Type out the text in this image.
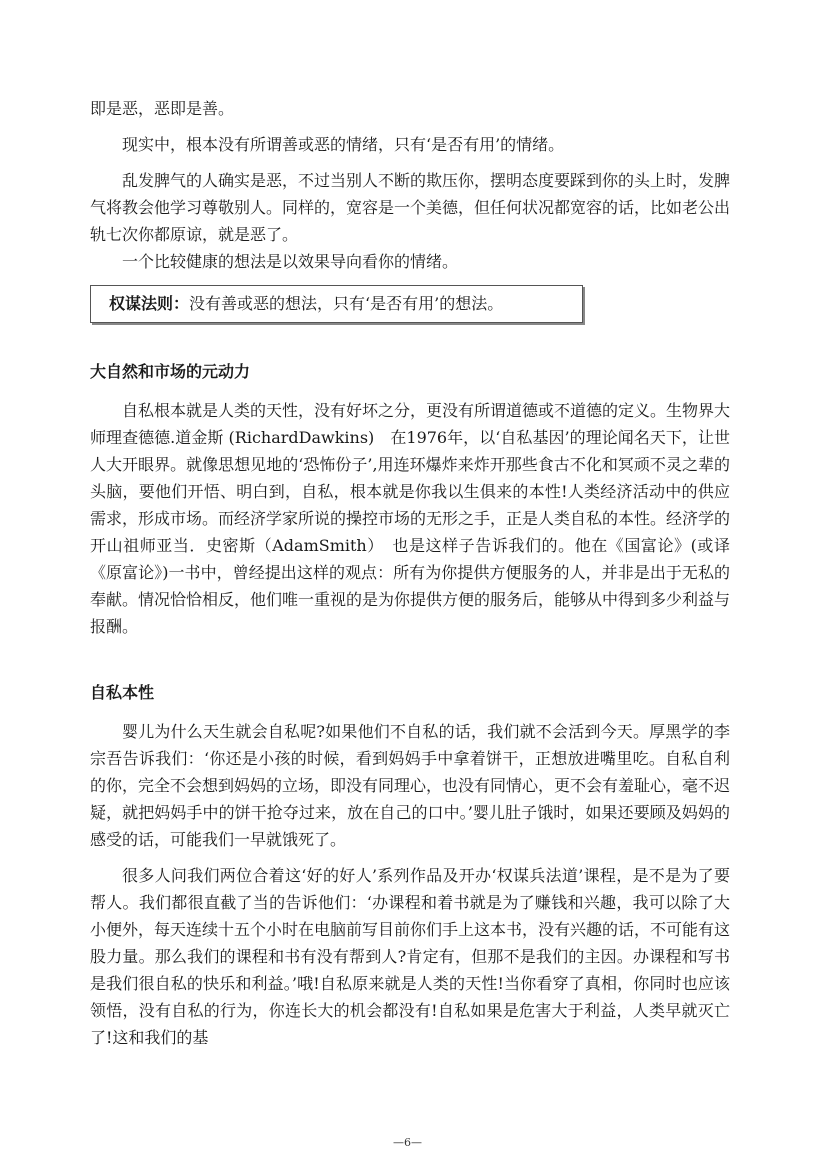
即是恶，恶即是善。

现实中，根本没有所谓善或恶的情绪，只有‘是否有用’的情绪。

乱发脾气的人确实是恶，不过当别人不断的欺压你，摆明态度要踩到你的头上时，发脾气将教会他学习尊敬别人。同样的，宽容是一个美德，但任何状况都宽容的话，比如老公出轨七次你都原谅，就是恶了。

一个比较健康的想法是以效果导向看你的情绪。

权谋法则：没有善或恶的想法，只有‘是否有用’的想法。
大自然和市场的元动力

自私根本就是人类的天性，没有好坏之分，更没有所谓道德或不道德的定义。生物界大师理查德德.道金斯 (RichardDawkins)　在1976年，以‘自私基因’的理论闻名天下，让世人大开眼界。就像思想见地的‘恐怖份子’,用连环爆炸来炸开那些食古不化和冥顽不灵之辈的头脑，要他们开悟、明白到，自私，根本就是你我以生俱来的本性!人类经济活动中的供应需求，形成市场。而经济学家所说的操控市场的无形之手，正是人类自私的本性。经济学的开山祖师亚当．史密斯（AdamSmith）　也是这样子告诉我们的。他在《国富论》(或译《原富论》)一书中，曾经提出这样的观点：所有为你提供方便服务的人，并非是出于无私的奉献。情况恰恰相反，他们唯一重视的是为你提供方便的服务后，能够从中得到多少利益与报酬。

自私本性

婴儿为什么天生就会自私呢?如果他们不自私的话，我们就不会活到今天。厚黑学的李宗吾告诉我们：‘你还是小孩的时候，看到妈妈手中拿着饼干，正想放进嘴里吃。自私自利的你，完全不会想到妈妈的立场，即没有同理心，也没有同情心，更不会有羞耻心，毫不迟疑，就把妈妈手中的饼干抢夺过来，放在自己的口中。’婴儿肚子饿时，如果还要顾及妈妈的感受的话，可能我们一早就饿死了。

很多人问我们两位合着这‘好的好人’系列作品及开办‘权谋兵法道’课程，是不是为了要帮人。我们都很直截了当的告诉他们：‘办课程和着书就是为了赚钱和兴趣，我可以除了大小便外，每天连续十五个小时在电脑前写目前你们手上这本书，没有兴趣的话，不可能有这股力量。那么我们的课程和书有没有帮到人?肯定有，但那不是我们的主因。办课程和写书是我们很自私的快乐和利益。’哦!自私原来就是人类的天性!当你看穿了真相，你同时也应该领悟，没有自私的行为，你连长大的机会都没有!自私如果是危害大于利益，人类早就灭亡了!这和我们的基

—6—
